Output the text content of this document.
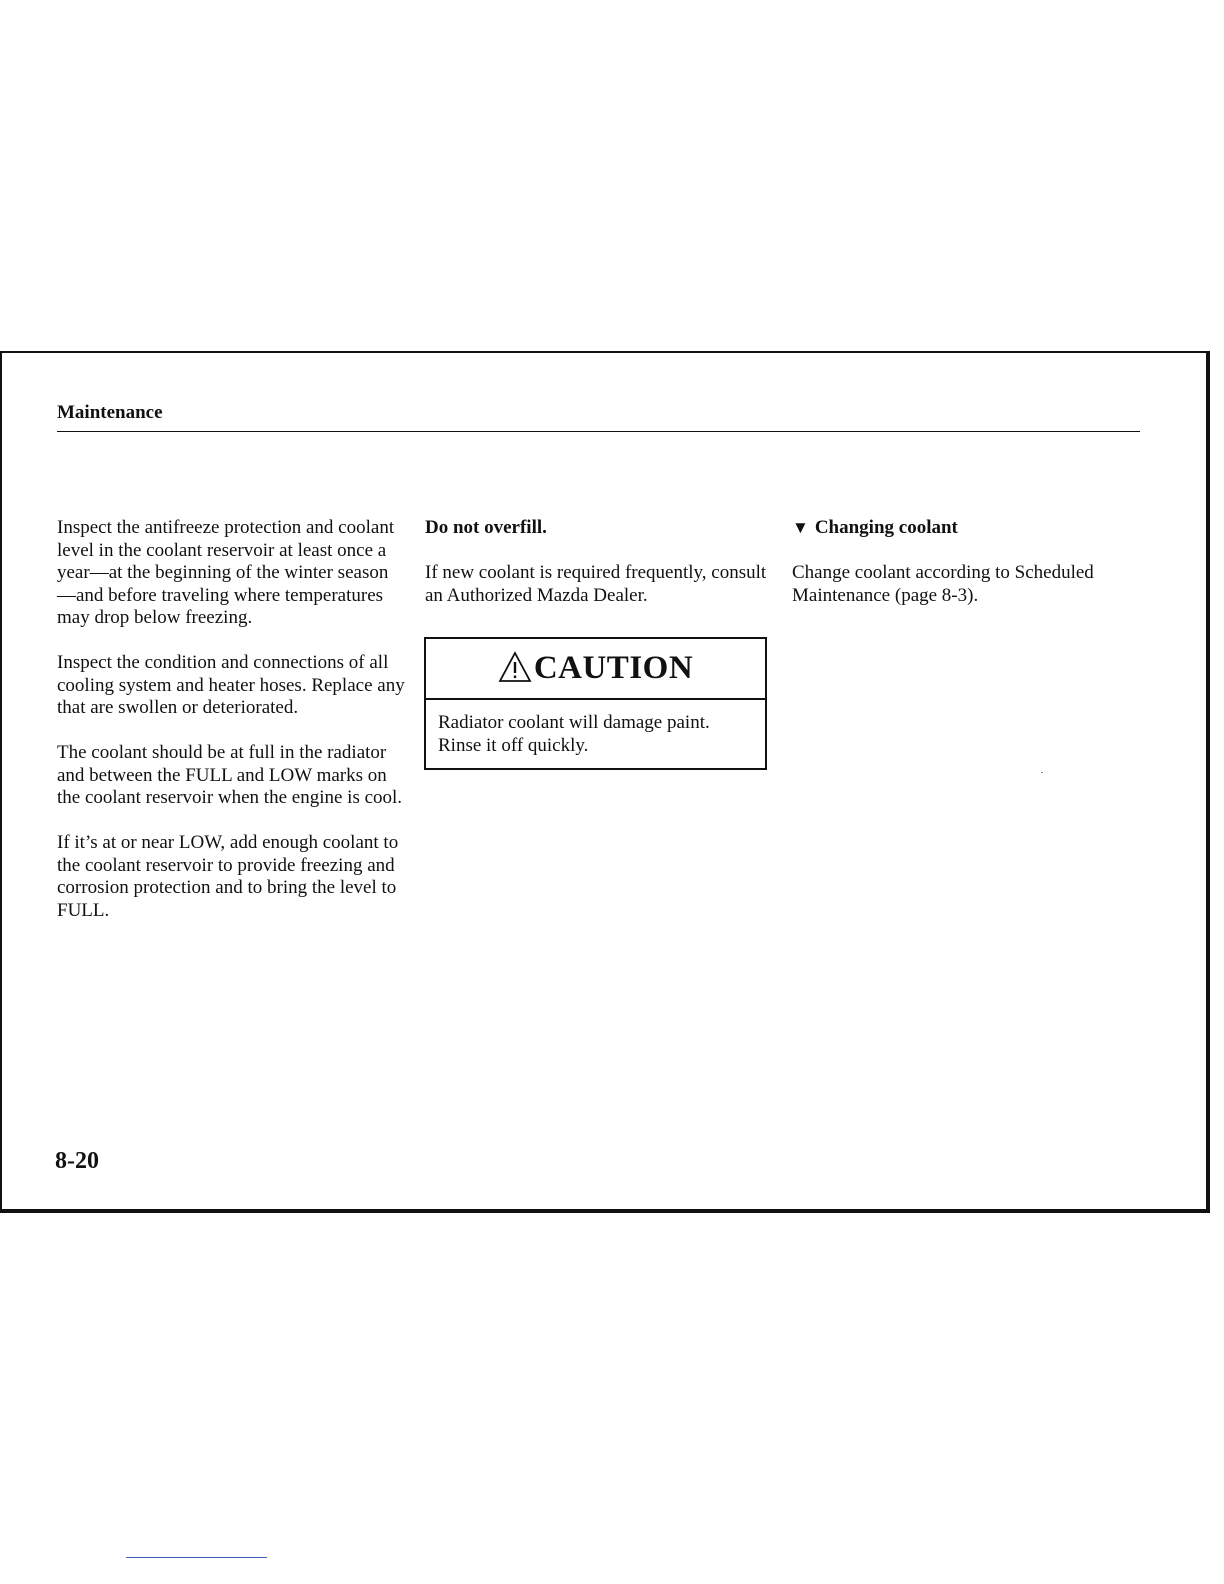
Maintenance

Inspect the antifreeze protection and coolant level in the coolant reservoir at least once a year—at the beginning of the winter season—and before traveling where temperatures may drop below freezing.

Inspect the condition and connections of all cooling system and heater hoses. Replace any that are swollen or deteriorated.

The coolant should be at full in the radiator and between the FULL and LOW marks on the coolant reservoir when the engine is cool.

If it’s at or near LOW, add enough coolant to the coolant reservoir to provide freezing and corrosion protection and to bring the level to FULL.

Do not overfill.

If new coolant is required frequently, consult an Authorized Mazda Dealer.

CAUTION
Radiator coolant will damage paint. Rinse it off quickly.

▼ Changing coolant

Change coolant according to Scheduled Maintenance (page 8-3).

8-20
